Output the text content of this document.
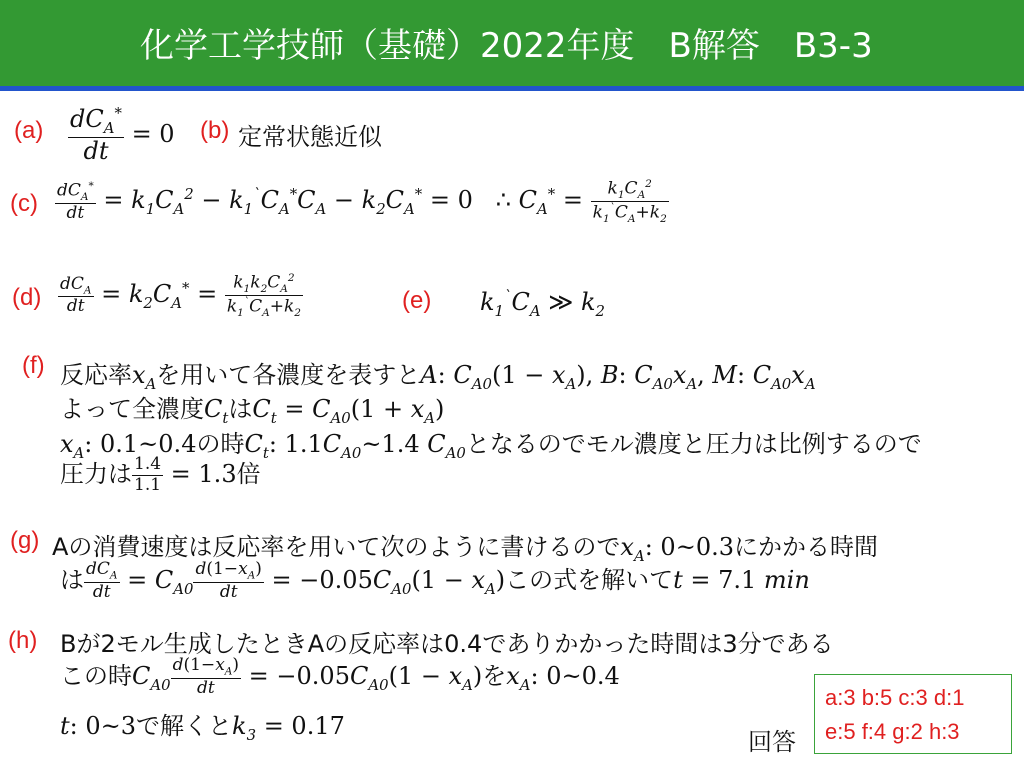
化学工学技師（基礎）2022年度　B解答　B3-3
$(a) \frac{dC_A^*}{dt} = 0$ (b) 定常状態近似
$(c) \frac{dC_A^*}{dt} = k_1C_A^2 - k_1^`C_A^*C_A - k_2C_A^* = 0$ ∴ $C_A^* = \frac{k_1C_A^2}{k_1^`C_A+k_2}$
$(d) \frac{dC_A}{dt} = k_2C_A^* = \frac{k_1k_2C_A^2}{k_1^`C_A+k_2}$	(e) $k_1^`C_A$ ≫ $k_2$
(f) 反応率$x_A$を用いて各濃度を表すとA: $C_{A0}(1 - x_A)$, B: $C_{A0}x_A$, M: $C_{A0}x_A$
よって全濃度$C_t$は$C_t = C_{A0}(1 + x_A)$
$x_A$: 0.1~0.4の時$C_t$: $1.1C_{A0}\sim 1.4$ $C_{A0}$となるのでモル濃度と圧力は比例するので
圧力は $\frac{1.4}{1.1} = 1.3$倍
(g) Aの消費速度は反応率を用いて次のように書けるので$x_A$: 0~0.3にかかる時間
は $\frac{dC_A}{dt} = C_{A0} \frac{d(1-x_A)}{dt} = -0.05C_{A0}(1 - x_A)$この式を解いてt = 7.1 min
(h) Bが2モル生成したときAの反応率は0.4でありかかった時間は3分である
この時$C_{A0} \frac{d(1-x_A)}{dt} = -0.05C_{A0}(1 - x_A)$を$x_A$: 0~0.4
t: 0~3で解くと$k_3 = 0.17$
回答
a:3 b:5 c:3 d:1
e:5 f:4 g:2 h:3
